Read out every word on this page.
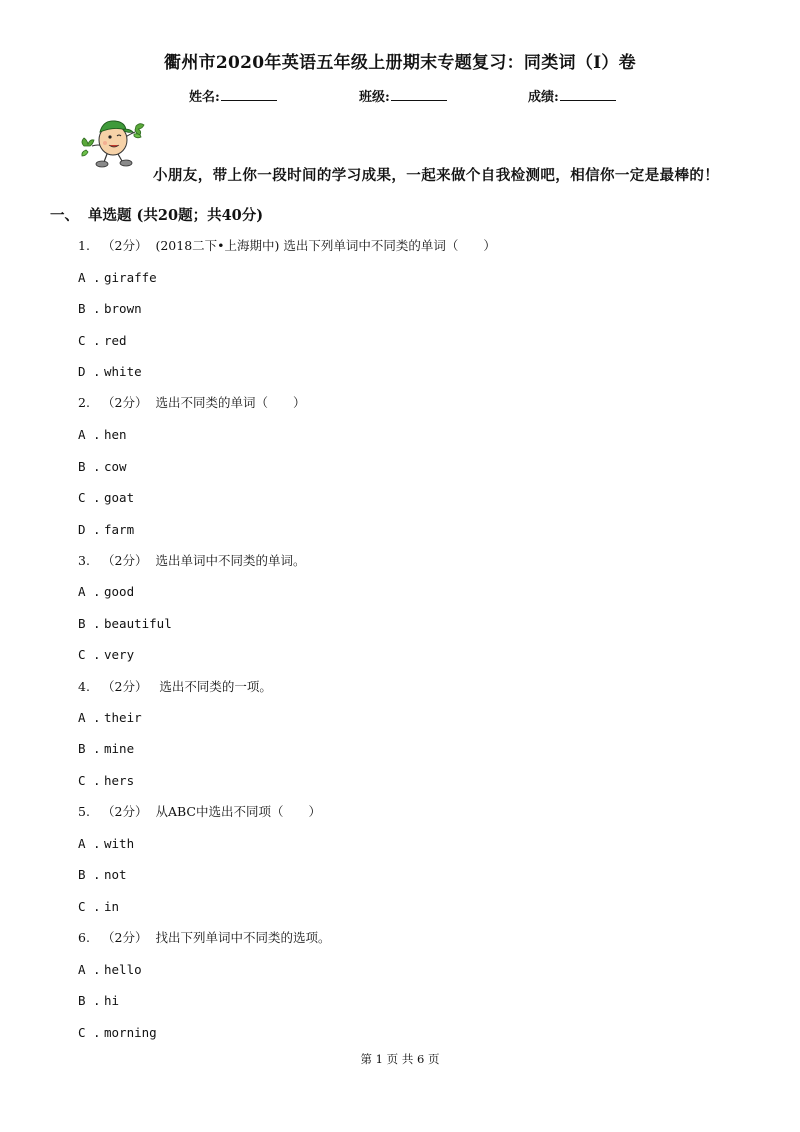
衢州市2020年英语五年级上册期末专题复习：同类词（I）卷
姓名:	班级:	成绩:
小朋友，带上你一段时间的学习成果，一起来做个自我检测吧，相信你一定是最棒的！
一、 单选题 (共20题；共40分)
1. （2分） (2018二下•上海期中) 选出下列单词中不同类的单词（　　）
A . giraffe
B . brown
C . red
D . white
2. （2分） 选出不同类的单词（　　）
A . hen
B . cow
C . goat
D . farm
3. （2分） 选出单词中不同类的单词。
A . good
B . beautiful
C . very
4. （2分） 选出不同类的一项。
A . their
B . mine
C . hers
5. （2分） 从ABC中选出不同项（　　）
A . with
B . not
C . in
6. （2分） 找出下列单词中不同类的选项。
A . hello
B . hi
C . morning
第 1 页 共 6 页
